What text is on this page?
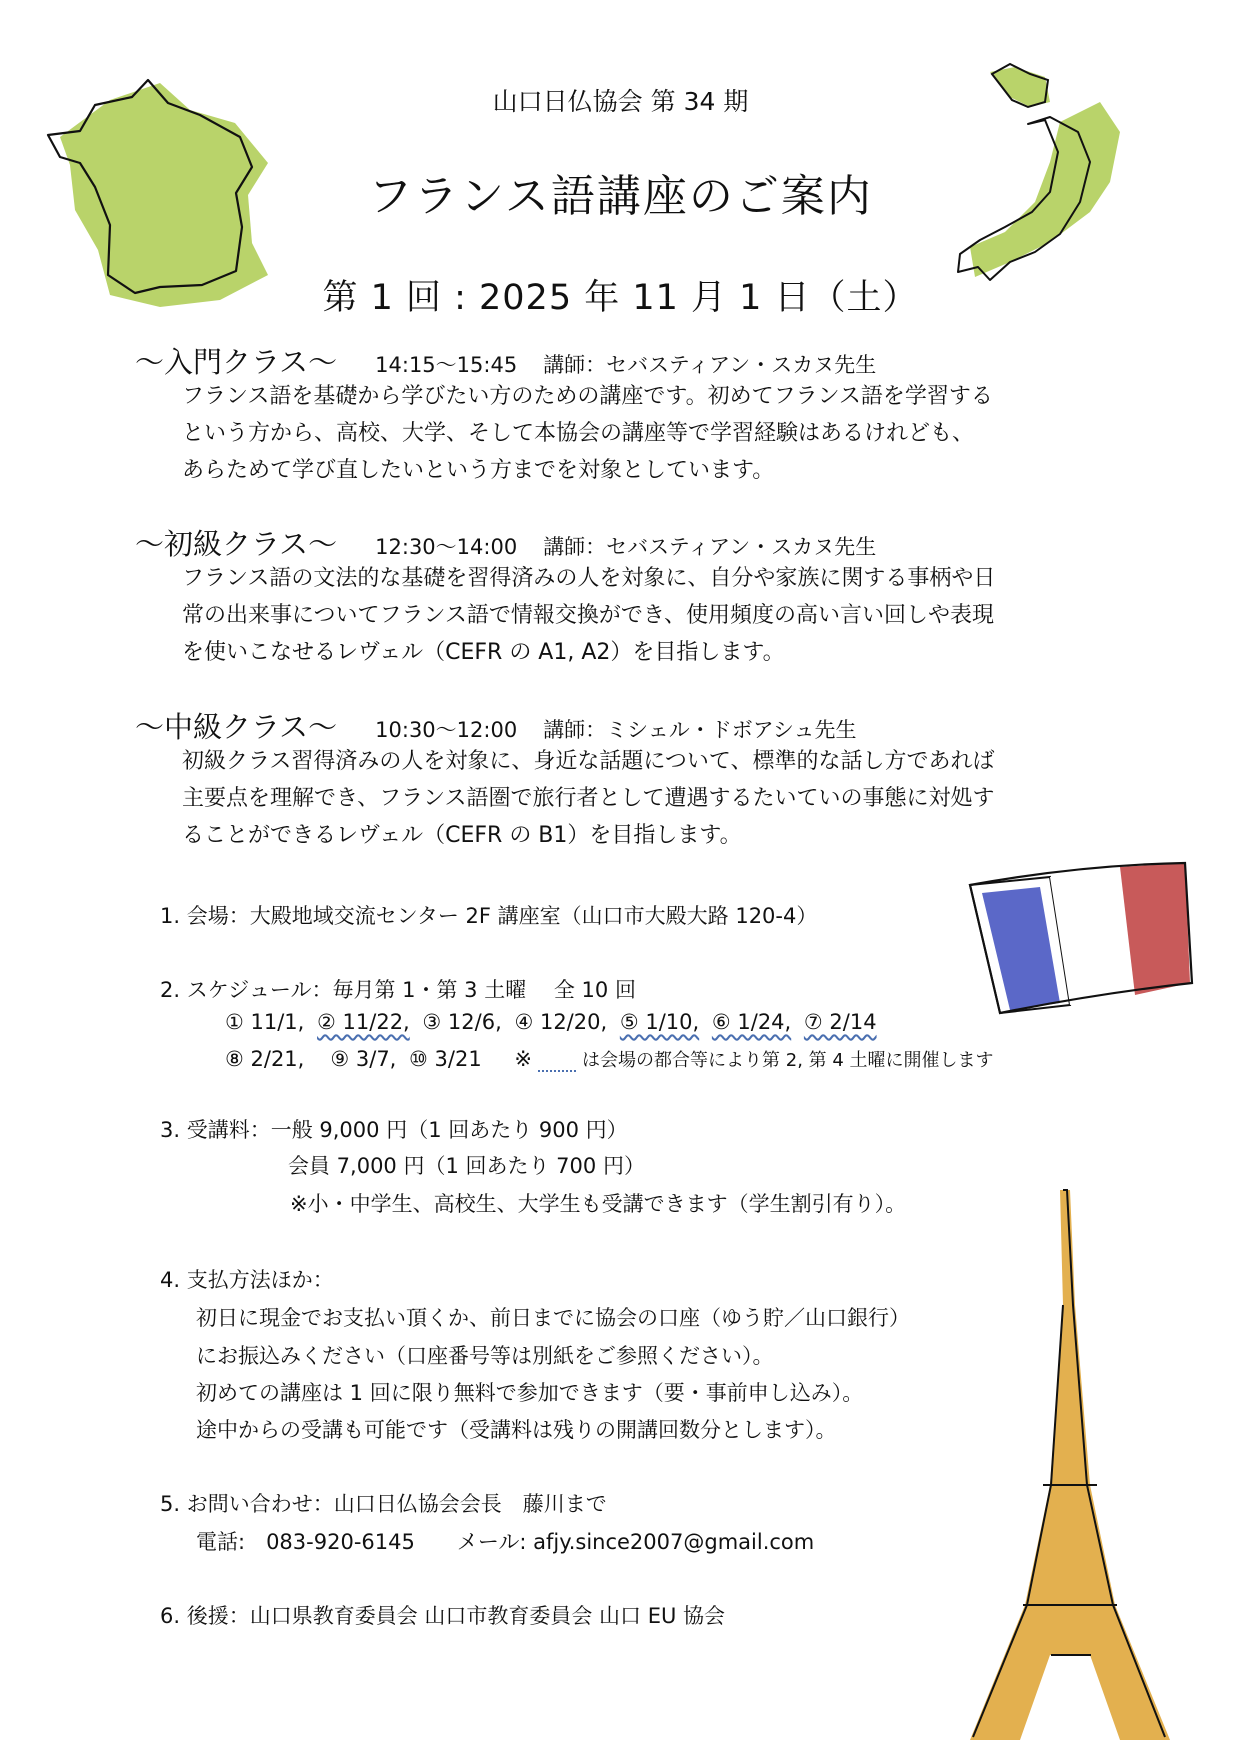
山口日仏協会 第 34 期
フランス語講座のご案内
第 1 回 : 2025 年 11 月 1 日（土）
～入門クラス～ 14:15～15:45 講師：セバスティアン・スカヌ先生
フランス語を基礎から学びたい方のための講座です。初めてフランス語を学習する
という方から、高校、大学、そして本協会の講座等で学習経験はあるけれども、
あらためて学び直したいという方までを対象としています。
～初級クラス～ 12:30～14:00 講師：セバスティアン・スカヌ先生
フランス語の文法的な基礎を習得済みの人を対象に、自分や家族に関する事柄や日
常の出来事についてフランス語で情報交換ができ、使用頻度の高い言い回しや表現
を使いこなせるレヴェル（CEFR の A1, A2）を目指します。
～中級クラス～ 10:30～12:00 講師：ミシェル・ドボアシュ先生
初級クラス習得済みの人を対象に、身近な話題について、標準的な話し方であれば
主要点を理解でき、フランス語圏で旅行者として遭遇するたいていの事態に対処す
ることができるレヴェル（CEFR の B1）を目指します。
1. 会場：大殿地域交流センター 2F 講座室（山口市大殿大路 120-4）
2. スケジュール：毎月第 1・第 3 土曜　 全 10 回
① 11/1, ② 11/22, ③ 12/6, ④ 12/20, ⑤ 1/10, ⑥ 1/24, ⑦ 2/14
⑧ 2/21, ⑨ 3/7, ⑩ 3/21 ※	は会場の都合等により第 2, 第 4 土曜に開催します
3. 受講料：一般 9,000 円（1 回あたり 900 円）
会員 7,000 円（1 回あたり 700 円）
※小・中学生、高校生、大学生も受講できます（学生割引有り）。
4. 支払方法ほか：
初日に現金でお支払い頂くか、前日までに協会の口座（ゆう貯／山口銀行）
にお振込みください（口座番号等は別紙をご参照ください）。
初めての講座は 1 回に限り無料で参加できます（要・事前申し込み）。
途中からの受講も可能です（受講料は残りの開講回数分とします）。
5. お問い合わせ：山口日仏協会会長　藤川まで
電話:　083-920-6145　　メール: afjy.since2007@gmail.com
6. 後援：山口県教育委員会 山口市教育委員会 山口 EU 協会
